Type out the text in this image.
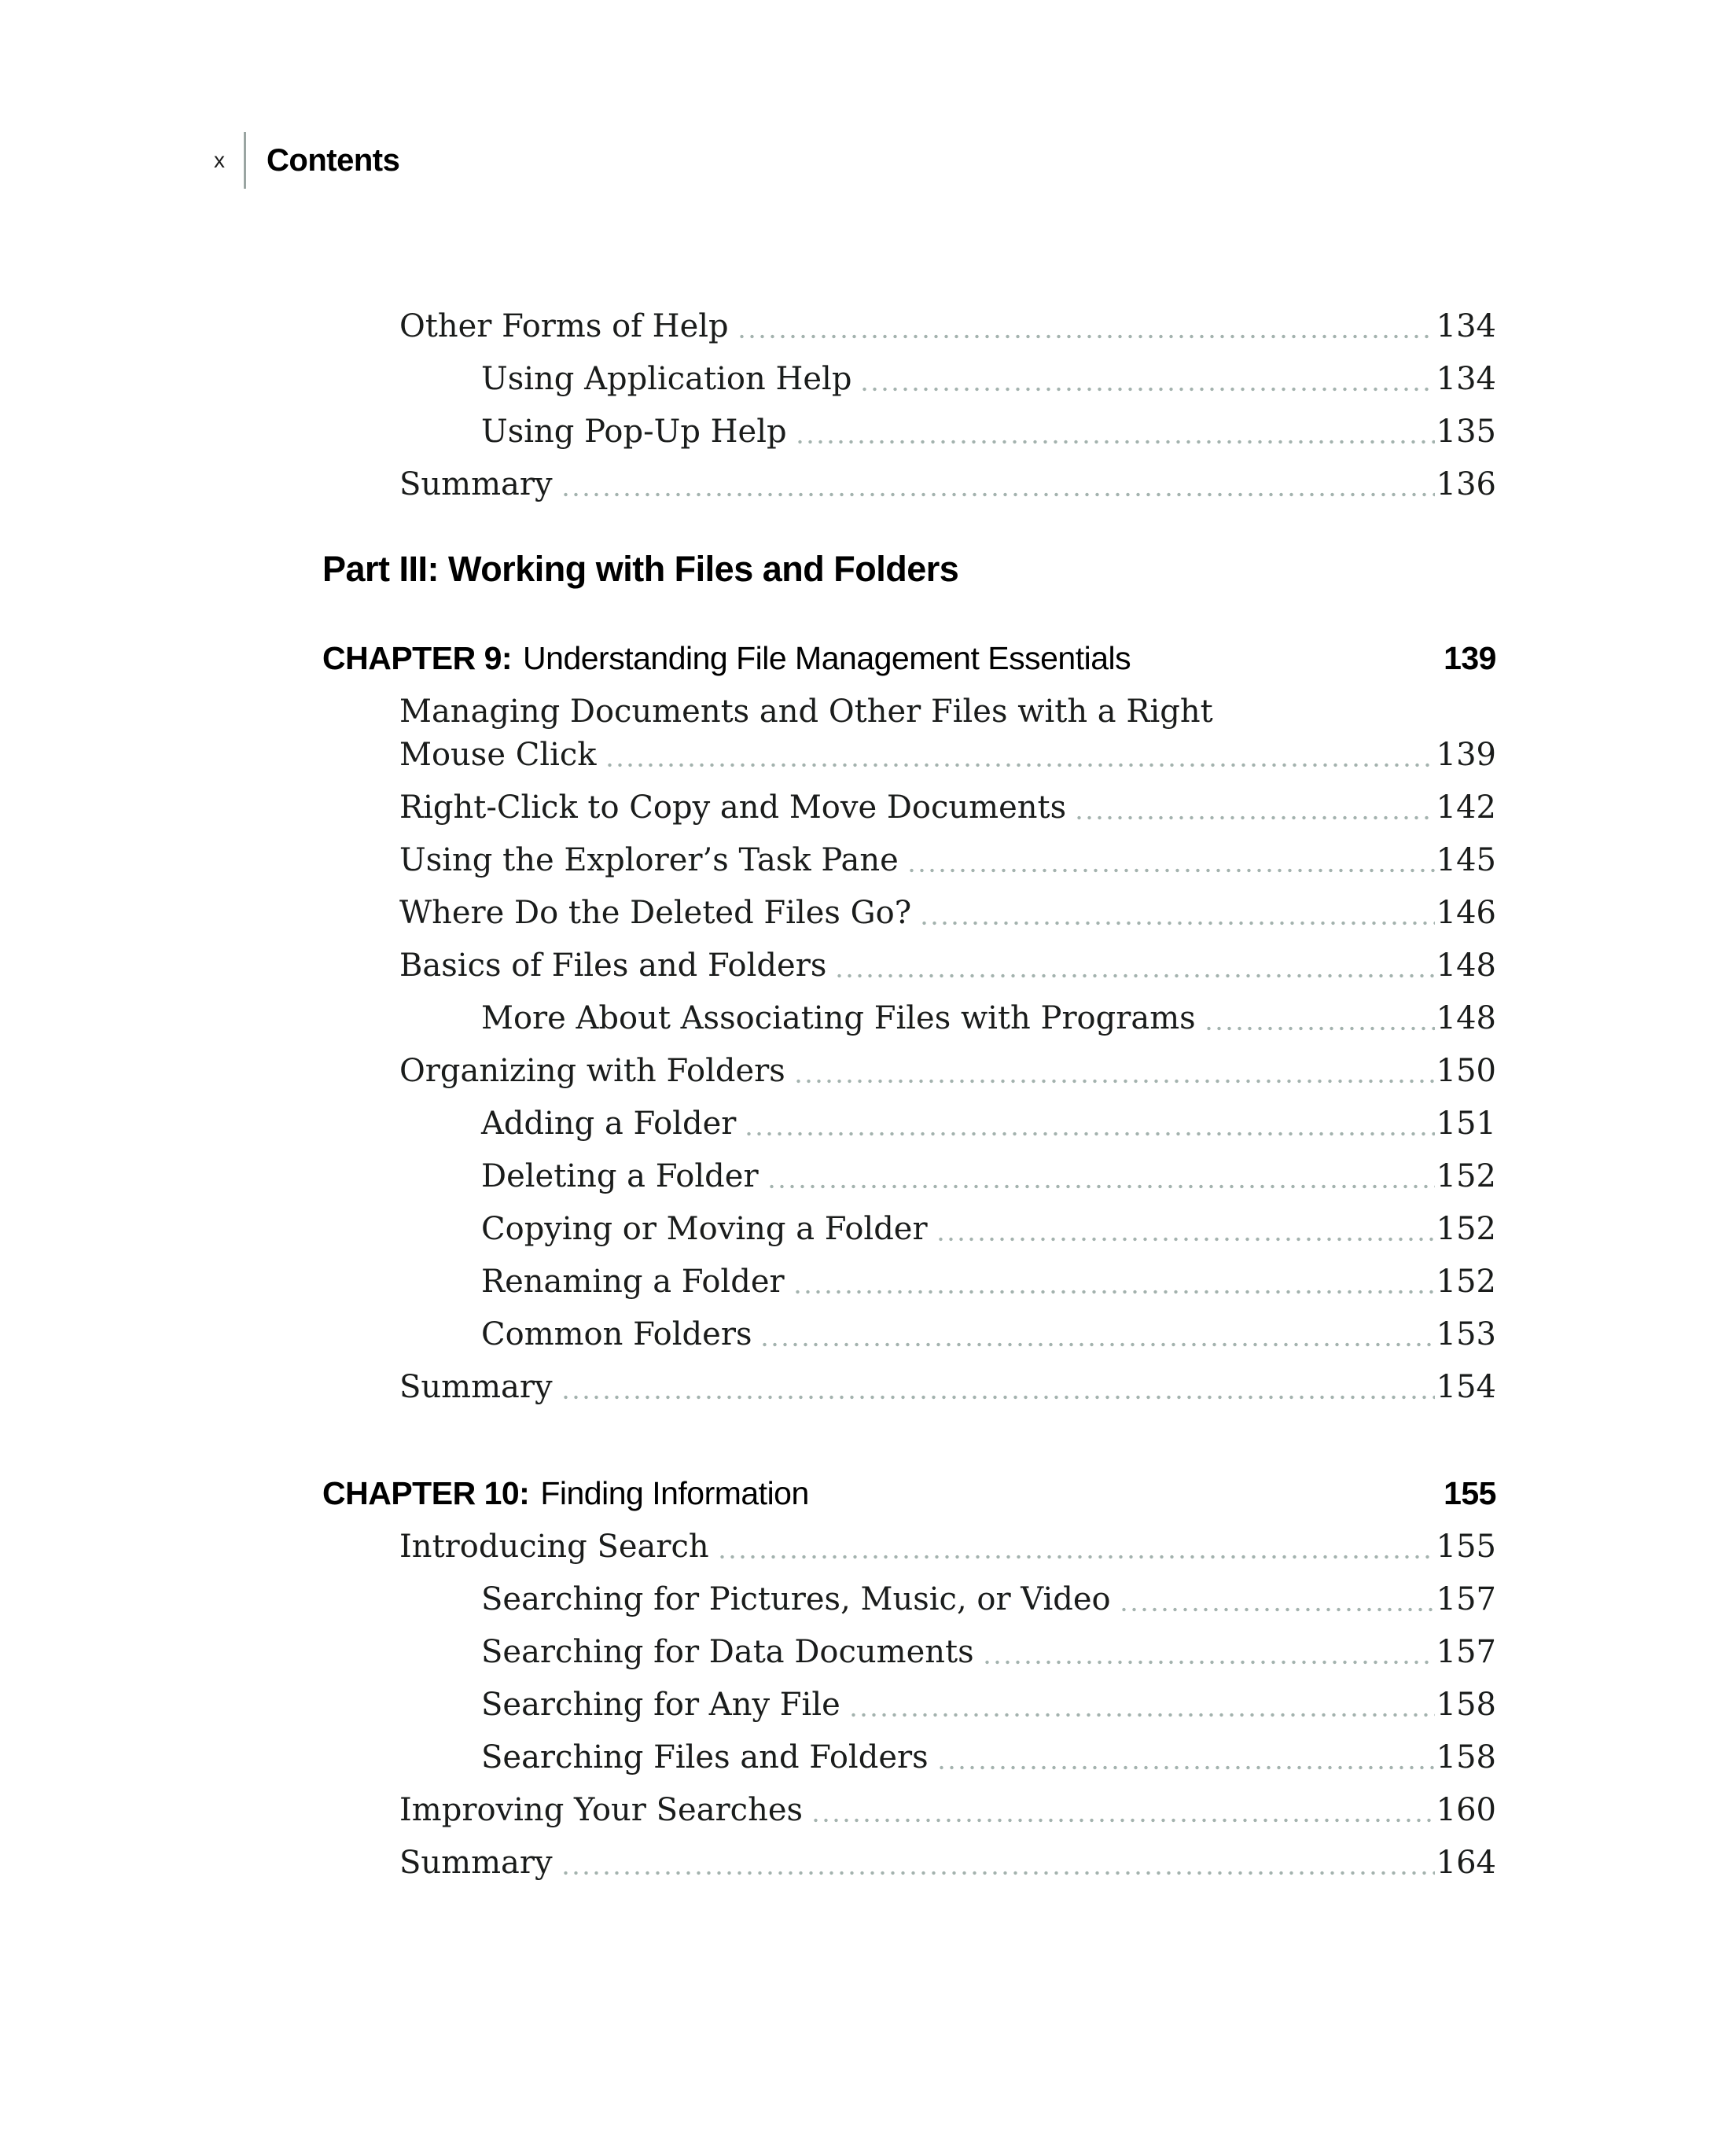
x Contents
Other Forms of Help	134
Using Application Help	134
Using Pop-Up Help	135
Summary	136
Part III: Working with Files and Folders
CHAPTER 9: Understanding File Management Essentials	139
Managing Documents and Other Files with a Right
Mouse Click	139
Right-Click to Copy and Move Documents	142
Using the Explorer’s Task Pane	145
Where Do the Deleted Files Go?	146
Basics of Files and Folders	148
More About Associating Files with Programs	148
Organizing with Folders	150
Adding a Folder	151
Deleting a Folder	152
Copying or Moving a Folder	152
Renaming a Folder	152
Common Folders	153
Summary	154
CHAPTER 10: Finding Information	155
Introducing Search	155
Searching for Pictures, Music, or Video	157
Searching for Data Documents	157
Searching for Any File	158
Searching Files and Folders	158
Improving Your Searches	160
Summary	164
